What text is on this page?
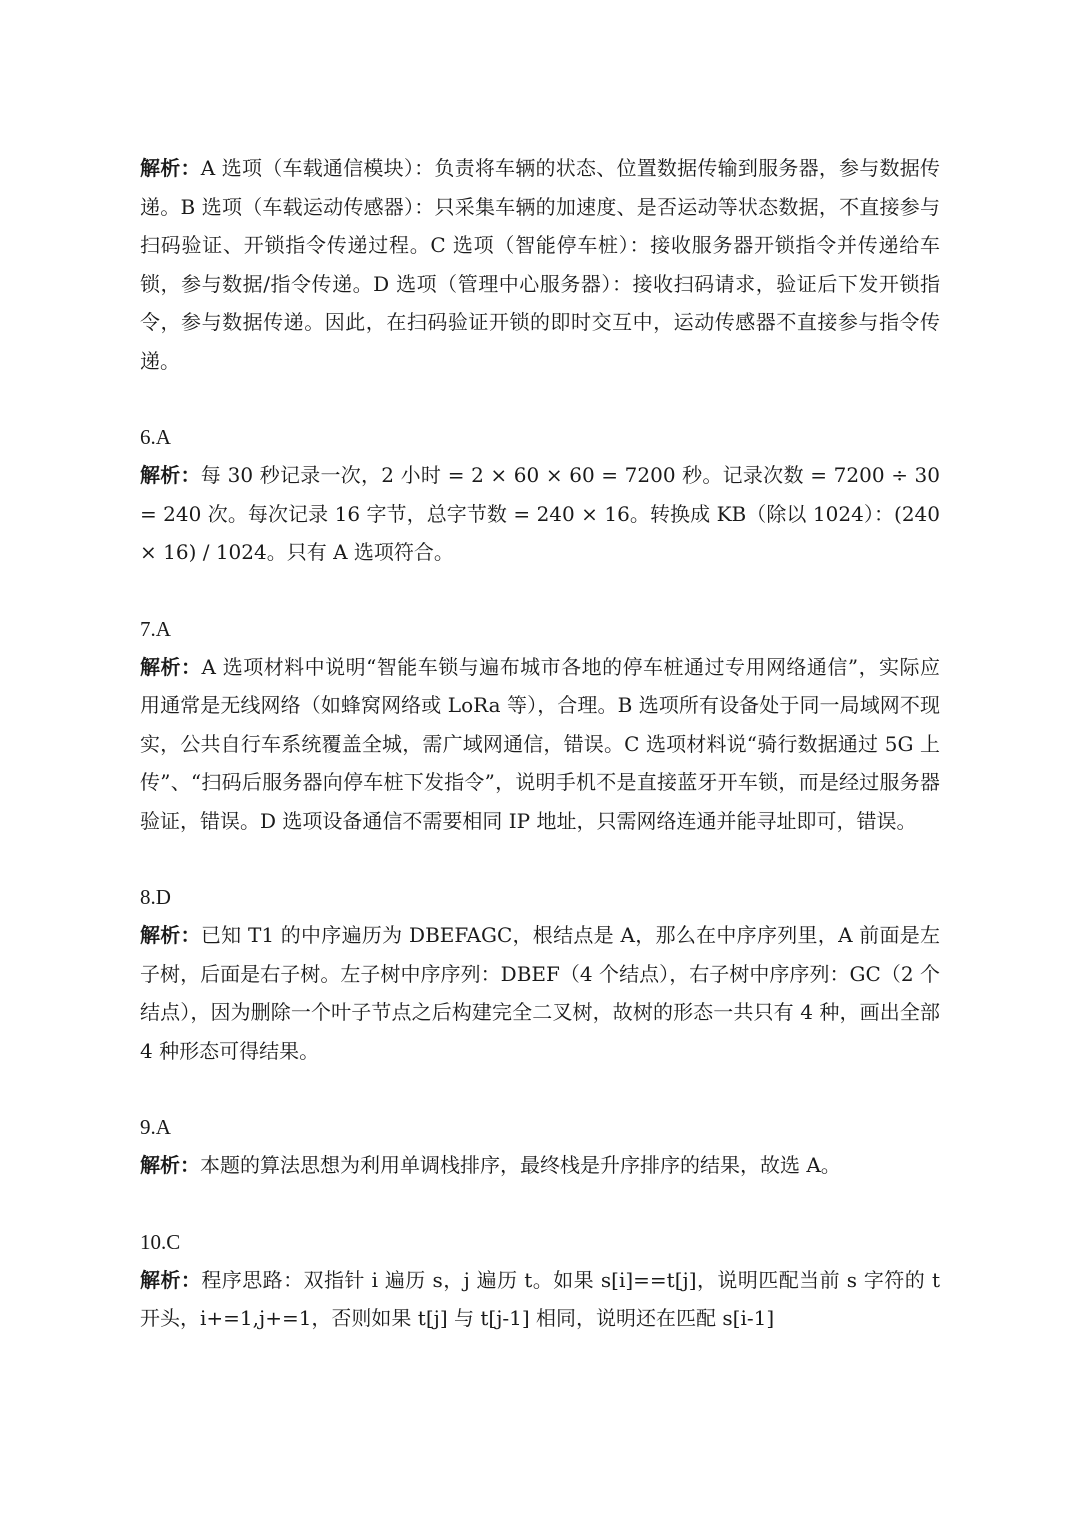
解析：A 选项（车载通信模块）：负责将车辆的状态、位置数据传输到服务器，参与数据传递。B 选项（车载运动传感器）：只采集车辆的加速度、是否运动等状态数据，不直接参与扫码验证、开锁指令传递过程。C 选项（智能停车桩）：接收服务器开锁指令并传递给车锁，参与数据/指令传递。D 选项（管理中心服务器）：接收扫码请求，验证后下发开锁指令，参与数据传递。因此，在扫码验证开锁的即时交互中，运动传感器不直接参与指令传递。

6.A

解析：每 30 秒记录一次，2 小时 = 2 × 60 × 60 = 7200 秒。记录次数 = 7200 ÷ 30 = 240 次。每次记录 16 字节，总字节数 = 240 × 16。转换成 KB（除以 1024）：(240 × 16) / 1024。只有 A 选项符合。

7.A

解析：A 选项材料中说明“智能车锁与遍布城市各地的停车桩通过专用网络通信”，实际应用通常是无线网络（如蜂窝网络或 LoRa 等），合理。B 选项所有设备处于同一局域网不现实，公共自行车系统覆盖全城，需广域网通信，错误。C 选项材料说“骑行数据通过 5G 上传”、“扫码后服务器向停车桩下发指令”，说明手机不是直接蓝牙开车锁，而是经过服务器验证，错误。D 选项设备通信不需要相同 IP 地址，只需网络连通并能寻址即可，错误。

8.D

解析：已知 T1 的中序遍历为 DBEFAGC，根结点是 A，那么在中序序列里，A 前面是左子树，后面是右子树。左子树中序序列：DBEF（4 个结点），右子树中序序列：GC（2 个结点），因为删除一个叶子节点之后构建完全二叉树，故树的形态一共只有 4 种，画出全部 4 种形态可得结果。

9.A

解析：本题的算法思想为利用单调栈排序，最终栈是升序排序的结果，故选 A。

10.C

解析：程序思路：双指针 i 遍历 s，j 遍历 t。如果 s[i]==t[j]，说明匹配当前 s 字符的 t 开头，i+=1,j+=1，否则如果 t[j] 与 t[j-1] 相同，说明还在匹配 s[i-1]
